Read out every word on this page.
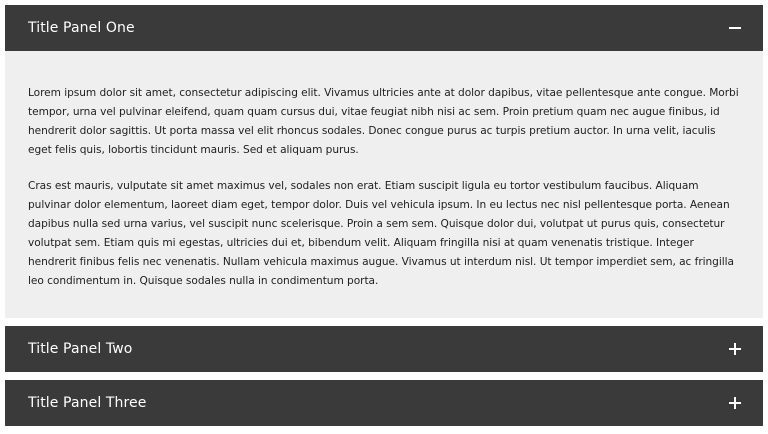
Title Panel One

Lorem ipsum dolor sit amet, consectetur adipiscing elit. Vivamus ultricies ante at dolor dapibus, vitae pellentesque ante congue. Morbi tempor, urna vel pulvinar eleifend, quam quam cursus dui, vitae feugiat nibh nisi ac sem. Proin pretium quam nec augue finibus, id hendrerit dolor sagittis. Ut porta massa vel elit rhoncus sodales. Donec congue purus ac turpis pretium auctor. In urna velit, iaculis eget felis quis, lobortis tincidunt mauris. Sed et aliquam purus.

Cras est mauris, vulputate sit amet maximus vel, sodales non erat. Etiam suscipit ligula eu tortor vestibulum faucibus. Aliquam pulvinar dolor elementum, laoreet diam eget, tempor dolor. Duis vel vehicula ipsum. In eu lectus nec nisl pellentesque porta. Aenean dapibus nulla sed urna varius, vel suscipit nunc scelerisque. Proin a sem sem. Quisque dolor dui, volutpat ut purus quis, consectetur volutpat sem. Etiam quis mi egestas, ultricies dui et, bibendum velit. Aliquam fringilla nisi at quam venenatis tristique. Integer hendrerit finibus felis nec venenatis. Nullam vehicula maximus augue. Vivamus ut interdum nisl. Ut tempor imperdiet sem, ac fringilla leo condimentum in. Quisque sodales nulla in condimentum porta.

Title Panel Two
Title Panel Three
